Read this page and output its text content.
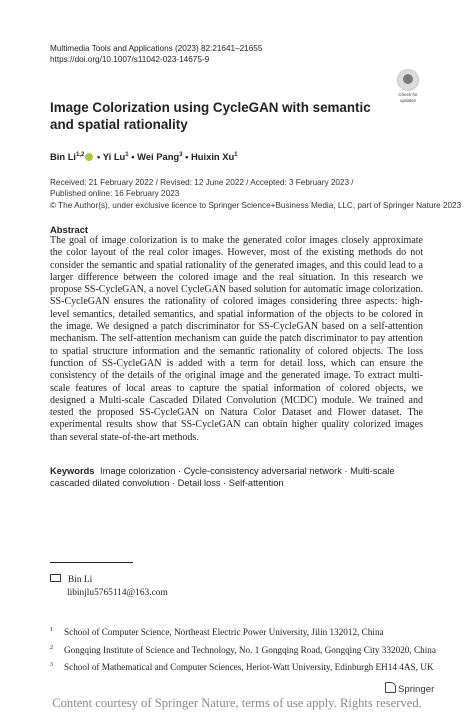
Multimedia Tools and Applications (2023) 82:21641–21655
https://doi.org/10.1007/s11042-023-14675-9
Check for
updates
Image Colorization using CycleGAN with semantic and spatial rationality
Bin Li$^{1,2}$ • Yi Lu$^1$ • Wei Pang$^3$ • Huixin Xu$^1$
Received: 21 February 2022 / Revised: 12 June 2022 / Accepted: 3 February 2023 /
Published online: 16 February 2023
© The Author(s), under exclusive licence to Springer Science+Business Media, LLC, part of Springer Nature 2023
Abstract
The goal of image colorization is to make the generated color images closely approximate the color layout of the real color images. However, most of the existing methods do not consider the semantic and spatial rationality of the generated images, and this could lead to a larger difference between the colored image and the real situation. In this research we propose SS-CycleGAN, a novel CycleGAN based solution for automatic image colorization. SS-CycleGAN ensures the rationality of colored images considering three aspects: high-level semantics, detailed semantics, and spatial information of the objects to be colored in the image. We designed a patch discriminator for SS-CycleGAN based on a self-attention mechanism. The self-attention mechanism can guide the patch discriminator to pay attention to spatial structure information and the semantic rationality of colored objects. The loss function of SS-CycleGAN is added with a term for detail loss, which can ensure the consistency of the details of the original image and the generated image. To extract multi-scale features of local areas to capture the spatial information of colored objects, we designed a Multi-scale Cascaded Dilated Convolution (MCDC) module. We trained and tested the proposed SS-CycleGAN on Natura Color Dataset and Flower dataset. The experimental results show that SS-CycleGAN can obtain higher quality colorized images than several state-of-the-art methods.
Keywords Image colorization · Cycle-consistency adversarial network · Multi-scale cascaded dilated convolution · Detail loss · Self-attention
Bin Li
libinjlu5765114@163.com
$^1$ School of Computer Science, Northeast Electric Power University, Jilin 132012, China
$^2$ Gongqing Institute of Science and Technology, No. 1 Gongqing Road, Gongqing City 332020, China
$^3$ School of Mathematical and Computer Sciences, Heriot-Watt University, Edinburgh EH14 4AS, UK
Springer
Content courtesy of Springer Nature, terms of use apply. Rights reserved.
